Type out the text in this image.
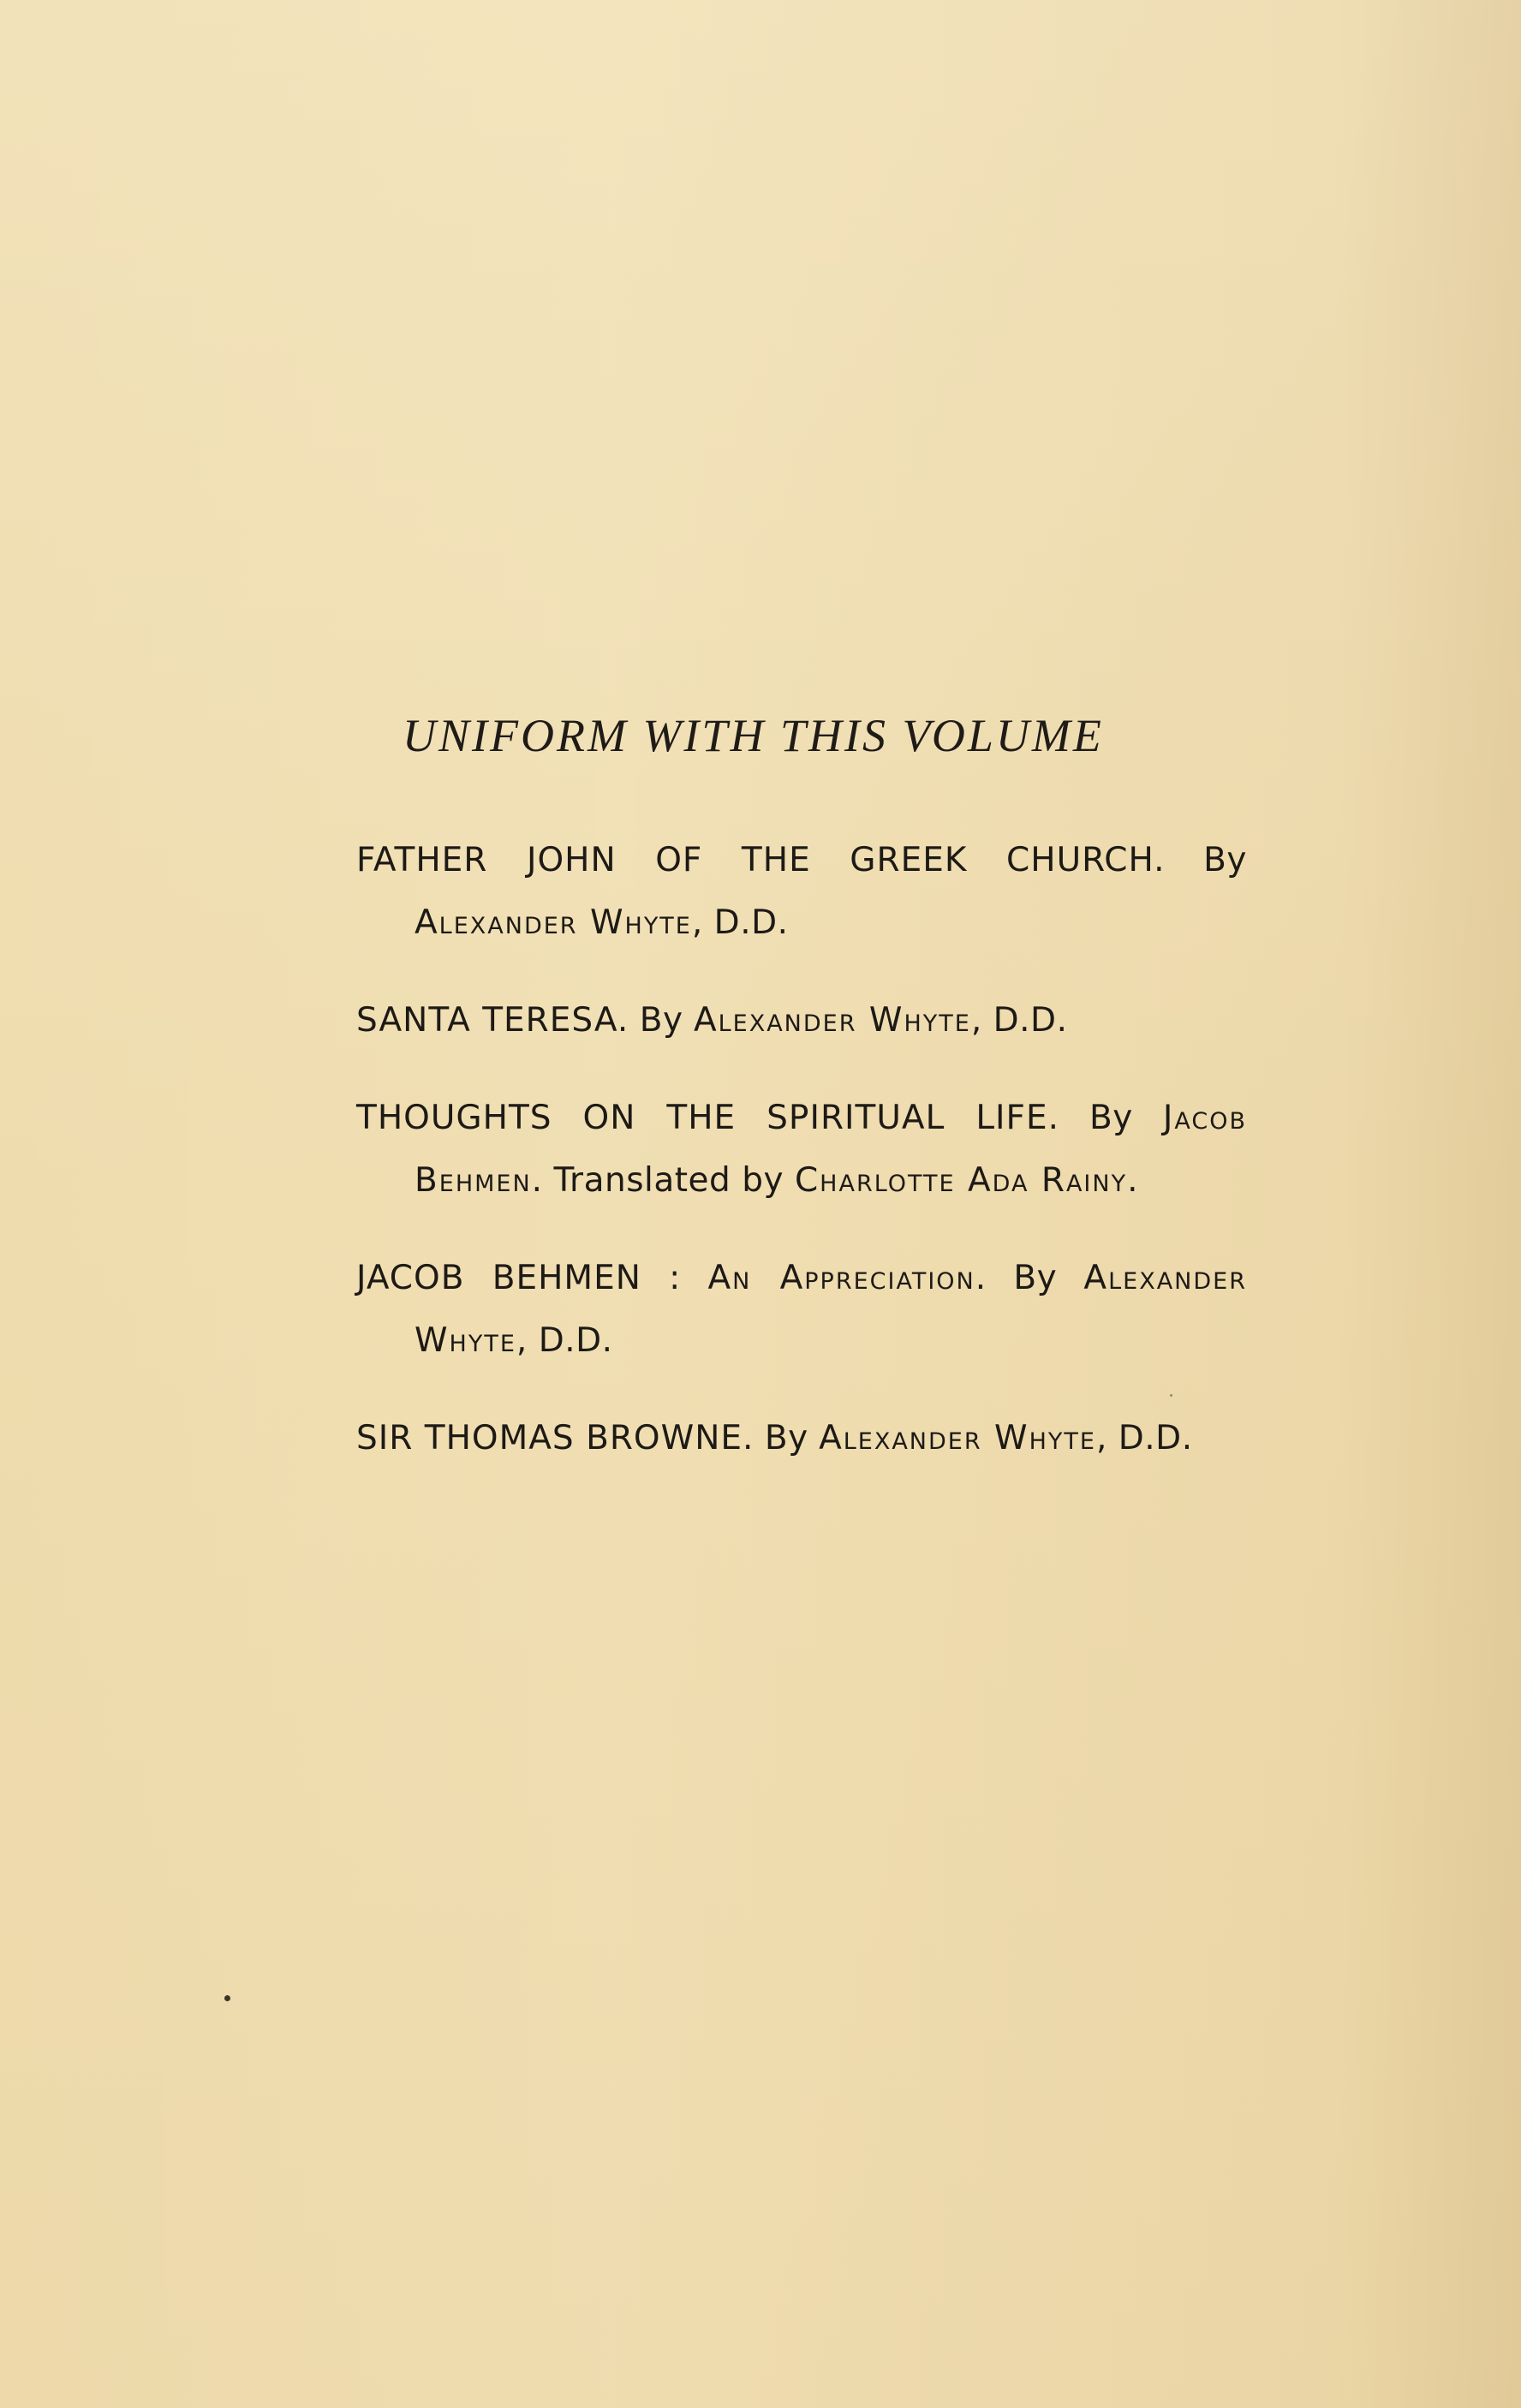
UNIFORM WITH THIS VOLUME
FATHER JOHN OF THE GREEK CHURCH. By Alexander Whyte, D.D.
SANTA TERESA. By Alexander Whyte, D.D.
THOUGHTS ON THE SPIRITUAL LIFE. By Jacob Behmen. Translated by Charlotte Ada Rainy.
JACOB BEHMEN : An Appreciation. By Alexander Whyte, D.D.
SIR THOMAS BROWNE. By Alexander Whyte, D.D.
